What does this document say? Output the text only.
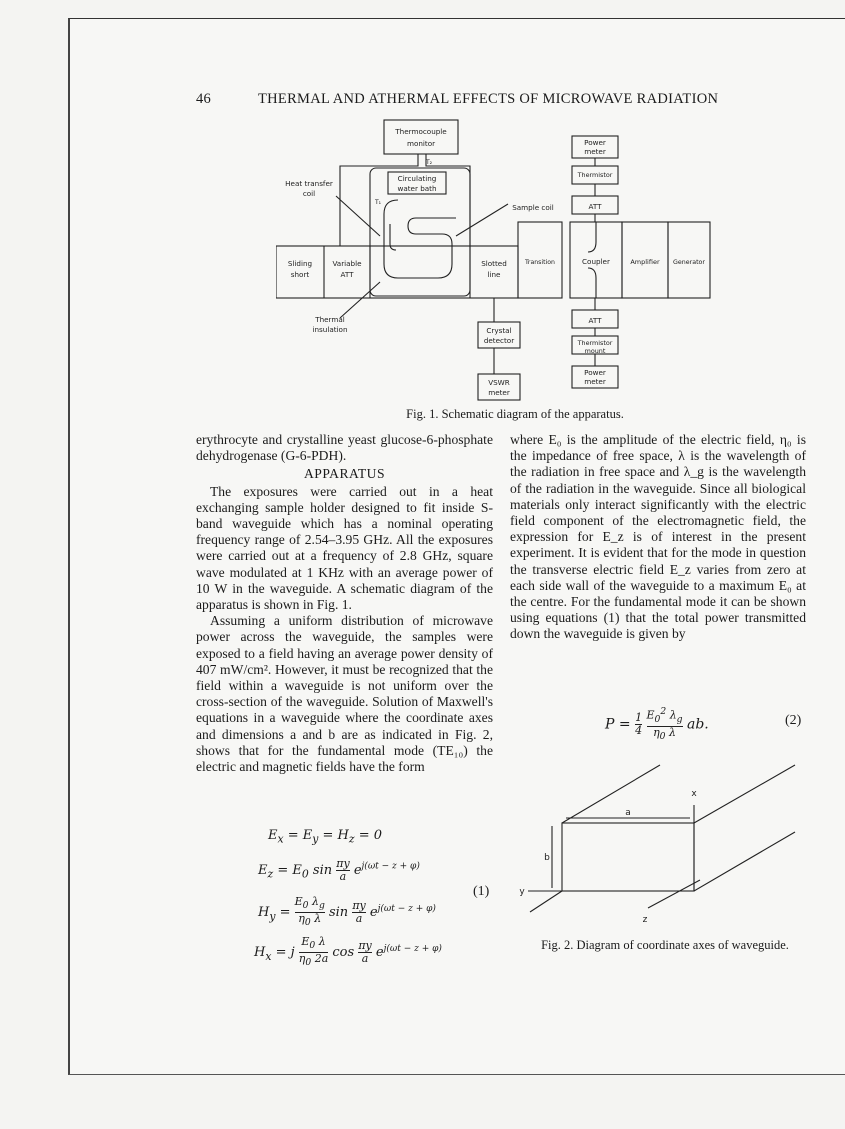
46	THERMAL AND ATHERMAL EFFECTS OF MICROWAVE RADIATION
Thermocouple
monitor
Heat transfer
coil
Circulating
water bath
Sample coil
Sliding
short
Variable
ATT
Slotted
line
Transition	Coupler	Amplifier Generator
Thermal
insulation	Crystal
detector
VSWR
meter
Power
meter
Thermistor
ATT
ATT
Thermistor
mount
Power
meter
T₁
T₂
Fig. 1. Schematic diagram of the apparatus.

erythrocyte and crystalline yeast glucose-6-phosphate dehydrogenase (G-6-PDH).

APPARATUS

The exposures were carried out in a heat exchanging sample holder designed to fit inside S-band waveguide which has a nominal operating frequency range of 2.54–3.95 GHz. All the exposures were carried out at a frequency of 2.8 GHz, square wave modulated at 1 KHz with an average power of 10 W in the waveguide. A schematic diagram of the apparatus is shown in Fig. 1.

Assuming a uniform distribution of microwave power across the waveguide, the samples were exposed to a field having an average power density of 407 mW/cm². However, it must be recognized that the field within a waveguide is not uniform over the cross-section of the waveguide. Solution of Maxwell's equations in a waveguide where the coordinate axes and dimensions a and b are as indicated in Fig. 2, shows that for the fundamental mode (TE₁₀) the electric and magnetic fields have the form

$E_x = E_y = H_z = 0$
$E_z = E_0$ sin πy
a $e^{j(\omega t - z + \varphi)}$
$H_y$ =
$E_0$ $\lambda_g$
$\eta_0$ λ sin πy
a $e^{j(\omega t - z + \varphi)}$
$H_x = j$
$E_0$ λ
$\eta_0$ 2a cos πy
a $e^{j(\omega t - z + \varphi)}$
(1)

where E₀ is the amplitude of the electric field, η₀ is the impedance of free space, λ is the wavelength of the radiation in free space and λ_g is the wavelength of the radiation in the waveguide. Since all biological materials only interact significantly with the electric field component of the electromagnetic field, the expression for E_z is of interest in the present experiment. It is evident that for the mode in question the transverse electric field E_z varies from zero at each side wall of the waveguide to a maximum E₀ at the centre. For the fundamental mode it can be shown using equations (1) that the total power transmitted down the waveguide is given by

P = 1
4
$E_0^2$ $\lambda_g$
$\eta_0$ λ ab.	(2)
a
b
x
y
z
Fig. 2. Diagram of coordinate axes of waveguide.
